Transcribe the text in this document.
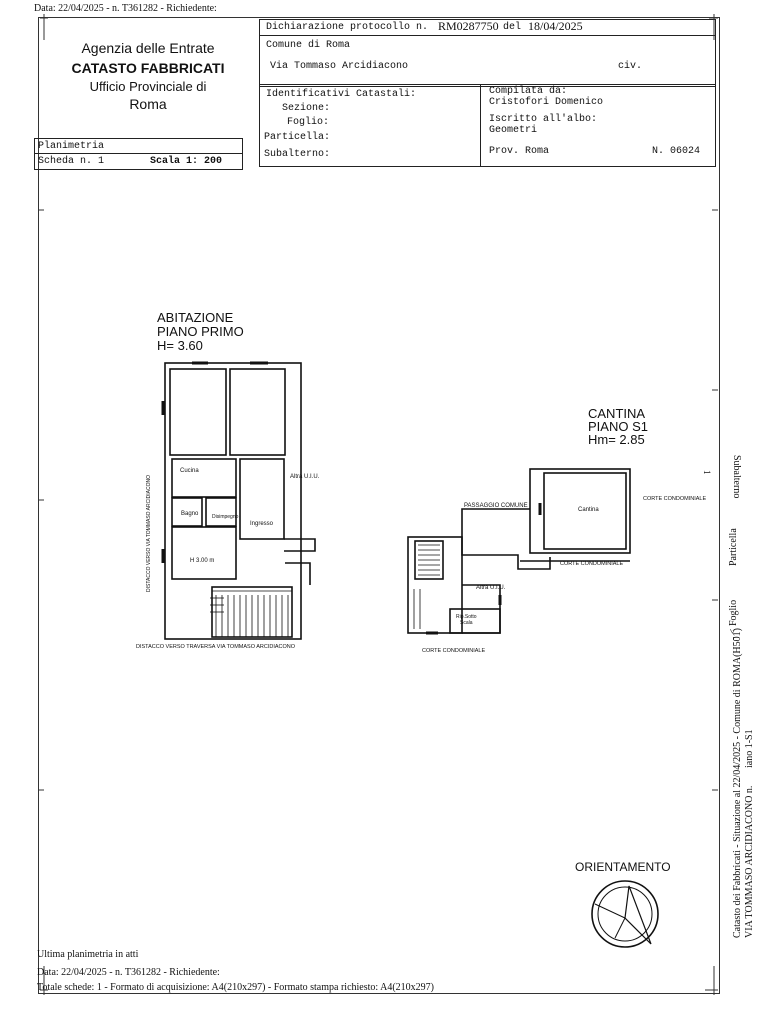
Data: 22/04/2025 - n. T361282 - Richiedente:
Agenzia delle Entrate
CATASTO FABBRICATI
Ufficio Provinciale di
Roma
Dichiarazione protocollo n. RM0287750 del 18/04/2025
Comune di Roma
Via Tommaso Arcidiacono	civ.
Identificativi Catastali:
Sezione:
Foglio:
Particella:
Subalterno:
Compilata da:
Cristofori Domenico
Iscritto all'albo:
Geometri
Prov. Roma	N. 06024
Planimetria
Scheda n. 1	Scala 1: 200
ABITAZIONE
PIANO PRIMO
H= 3.60
Cucina
Bagno	Disimpegno
Ingresso
H 3.00 m
Altra U.I.U.
DISTACCO VERSO VIA TOMMASO ARCIDIACONO
DISTACCO VERSO TRAVERSA VIA TOMMASO ARCIDIACONO
CANTINA
PIANO S1
Hm= 2.85
Cantina
PASSAGGIO COMUNE
CORTE CONDOMINIALE
CORTE CONDOMINIALE
CORTE CONDOMINIALE
Altra U.I.U.
Rip.Sotto
Scala
ORIENTAMENTO
1 Subalterno
Particella
- < Foglio
Catasto dei Fabbricati - Situazione al 22/04/2025 - Comune di ROMA(H501) VIA TOMMASO ARCIDIACONO n.
iano 1-S1
Ultima planimetria in atti
Data: 22/04/2025 - n. T361282 - Richiedente:
Totale schede: 1 - Formato di acquisizione: A4(210x297) - Formato stampa richiesto: A4(210x297)
